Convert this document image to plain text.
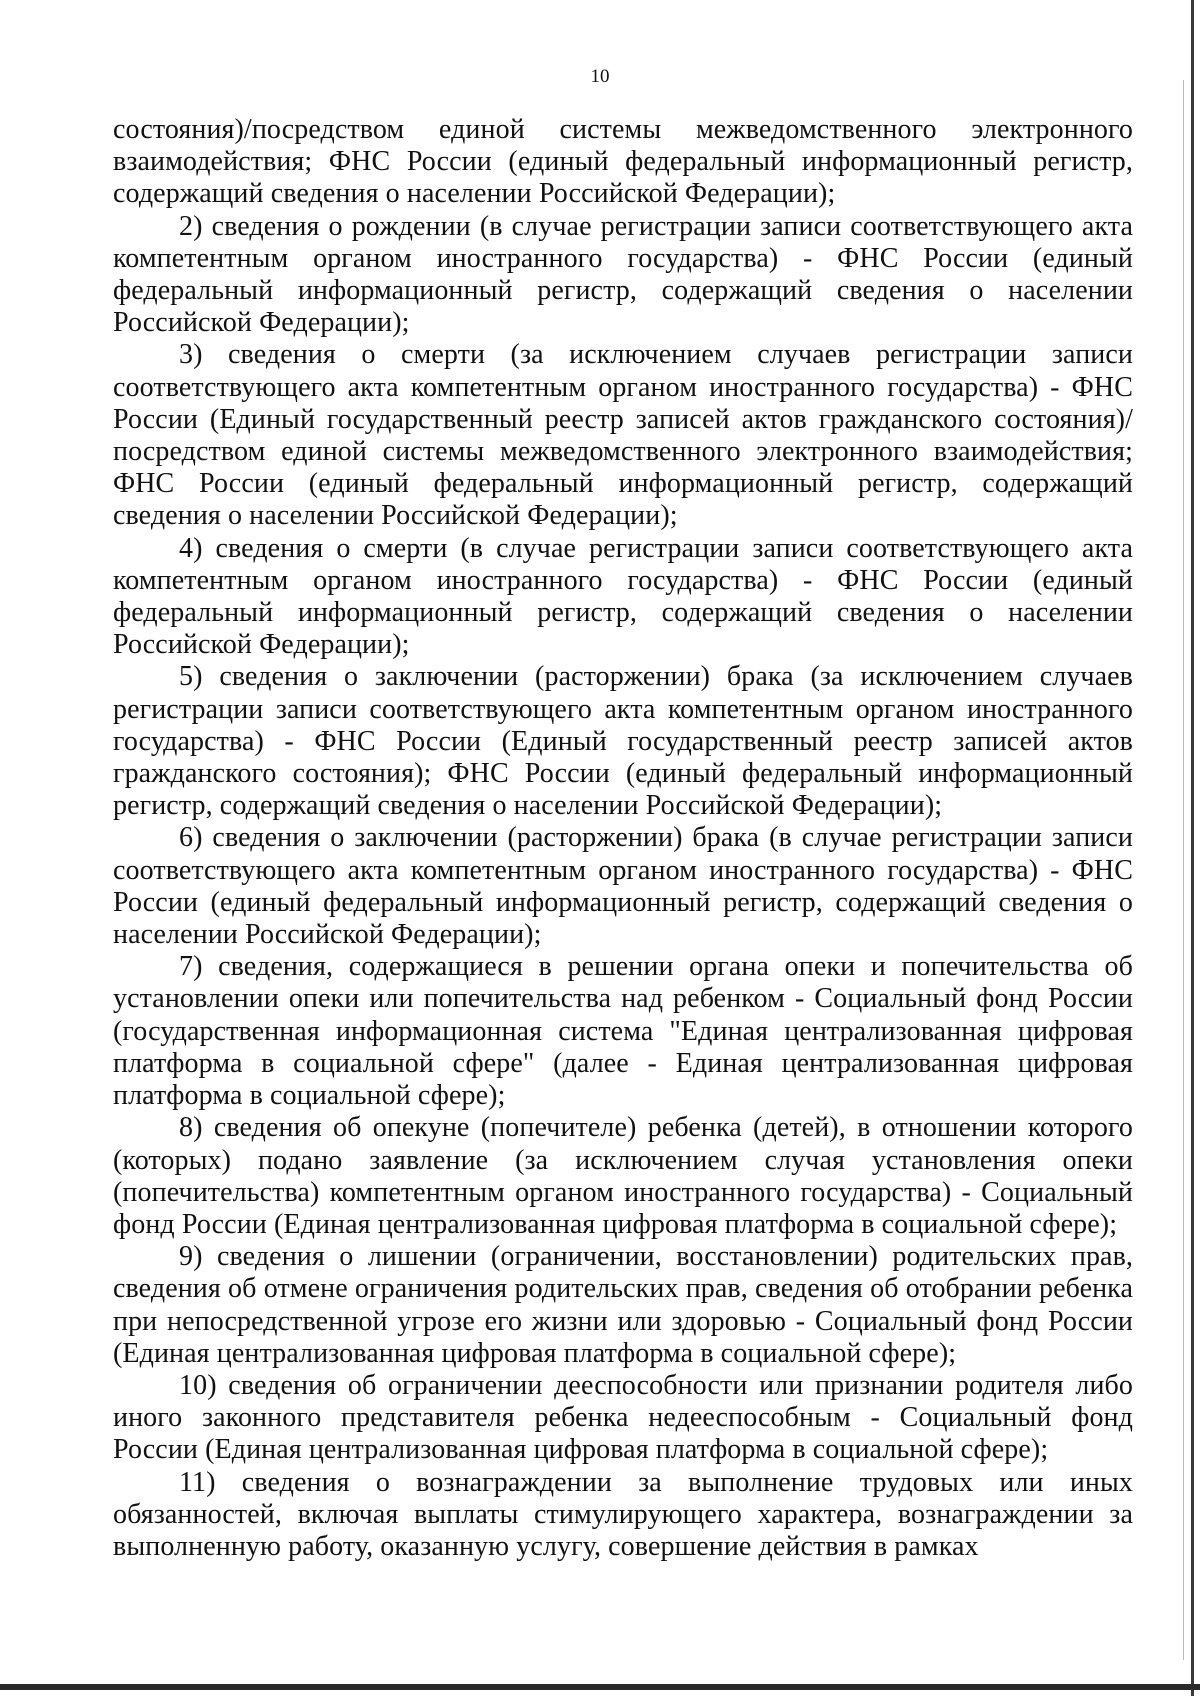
10

состояния)/посредством единой системы межведомственного электронного взаимодействия; ФНС России (единый федеральный информационный регистр, содержащий сведения о населении Российской Федерации);

2) сведения о рождении (в случае регистрации записи соответствующего акта компетентным органом иностранного государства) - ФНС России (единый федеральный информационный регистр, содержащий сведения о населении Российской Федерации);

3) сведения о смерти (за исключением случаев регистрации записи соответствующего акта компетентным органом иностранного государства) - ФНС России (Единый государственный реестр записей актов гражданского состояния)/посредством единой системы межведомственного электронного взаимодействия; ФНС России (единый федеральный информационный регистр, содержащий сведения о населении Российской Федерации);

4) сведения о смерти (в случае регистрации записи соответствующего акта компетентным органом иностранного государства) - ФНС России (единый федеральный информационный регистр, содержащий сведения о населении Российской Федерации);

5) сведения о заключении (расторжении) брака (за исключением случаев регистрации записи соответствующего акта компетентным органом иностранного государства) - ФНС России (Единый государственный реестр записей актов гражданского состояния); ФНС России (единый федеральный информационный регистр, содержащий сведения о населении Российской Федерации);

6) сведения о заключении (расторжении) брака (в случае регистрации записи соответствующего акта компетентным органом иностранного государства) - ФНС России (единый федеральный информационный регистр, содержащий сведения о населении Российской Федерации);

7) сведения, содержащиеся в решении органа опеки и попечительства об установлении опеки или попечительства над ребенком - Социальный фонд России (государственная информационная система "Единая централизованная цифровая платформа в социальной сфере" (далее - Единая централизованная цифровая платформа в социальной сфере);

8) сведения об опекуне (попечителе) ребенка (детей), в отношении которого (которых) подано заявление (за исключением случая установления опеки (попечительства) компетентным органом иностранного государства) - Социальный фонд России (Единая централизованная цифровая платформа в социальной сфере);

9) сведения о лишении (ограничении, восстановлении) родительских прав, сведения об отмене ограничения родительских прав, сведения об отобрании ребенка при непосредственной угрозе его жизни или здоровью - Социальный фонд России (Единая централизованная цифровая платформа в социальной сфере);

10) сведения об ограничении дееспособности или признании родителя либо иного законного представителя ребенка недееспособным - Социальный фонд России (Единая централизованная цифровая платформа в социальной сфере);

11) сведения о вознаграждении за выполнение трудовых или иных обязанностей, включая выплаты стимулирующего характера, вознаграждении за выполненную работу, оказанную услугу, совершение действия в рамках
